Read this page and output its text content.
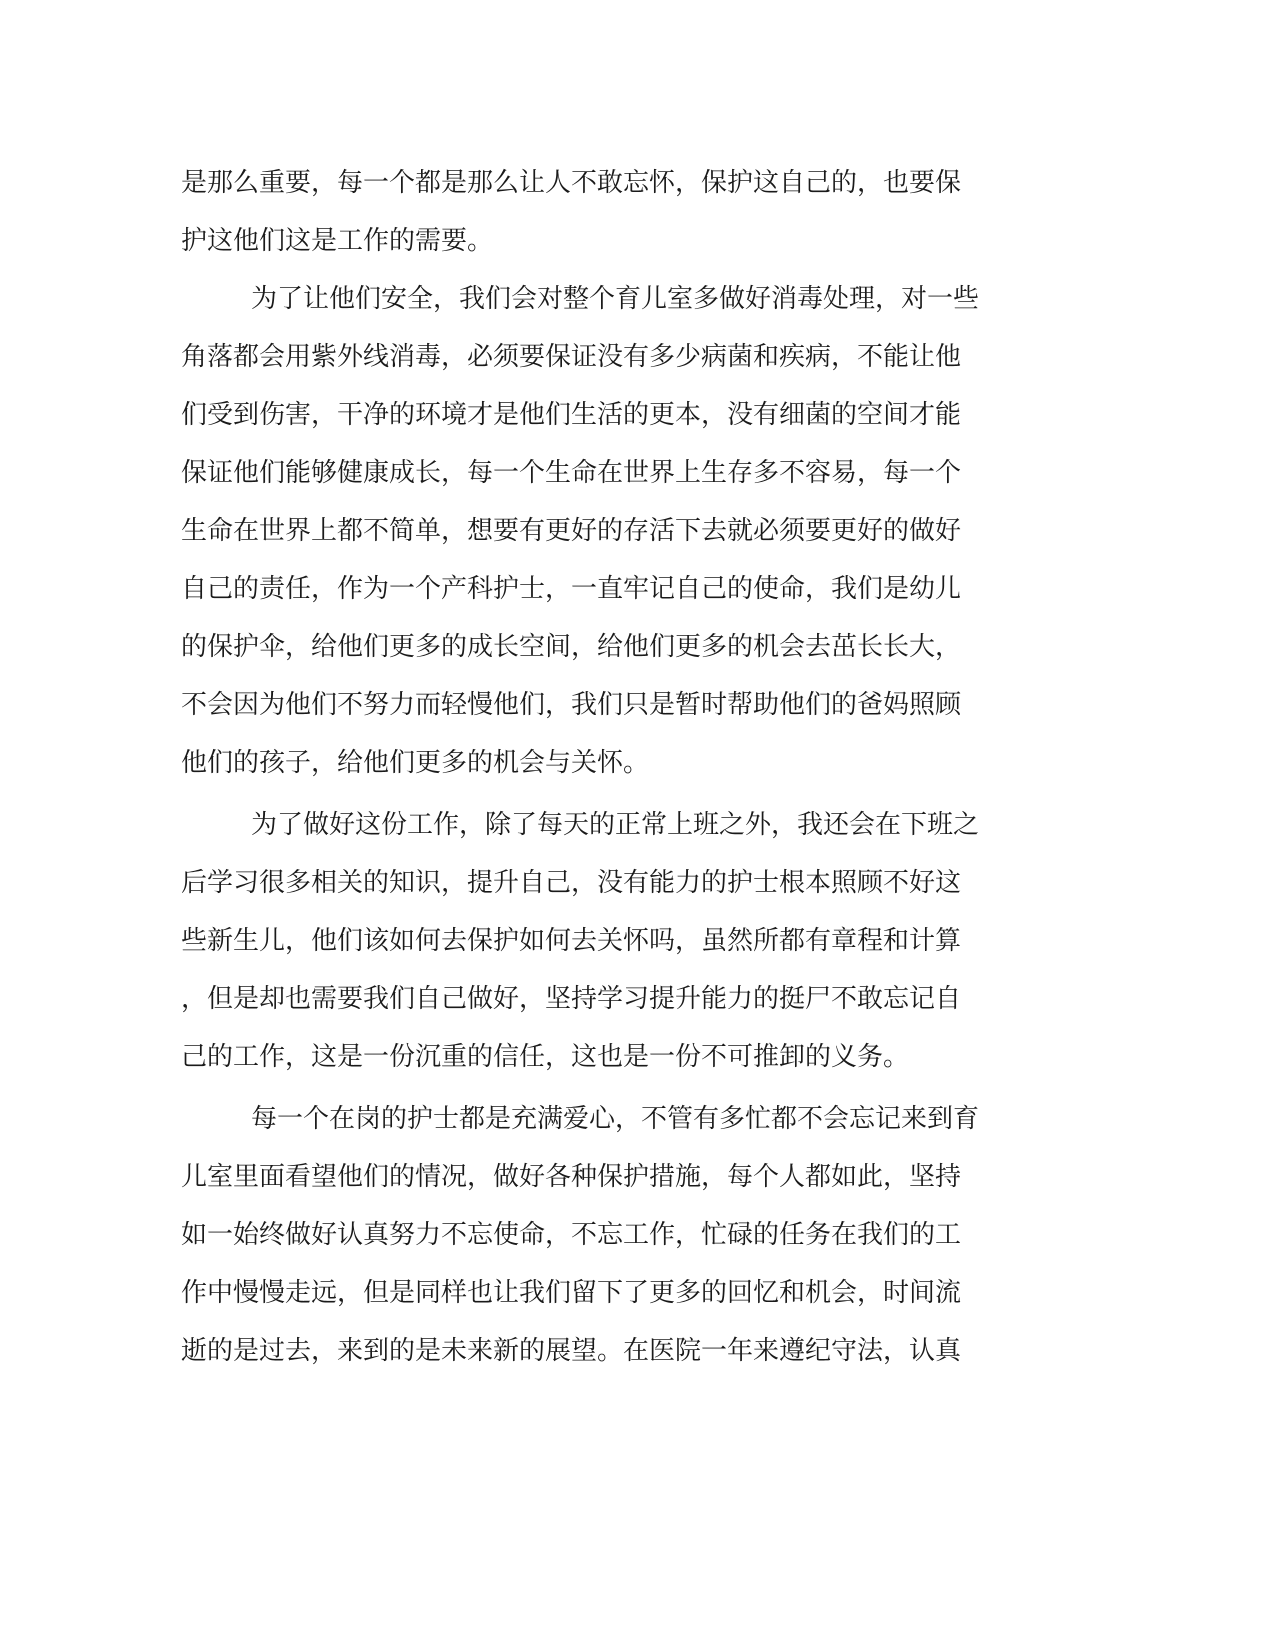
是那么重要，每一个都是那么让人不敢忘怀，保护这自己的，也要保
护这他们这是工作的需要。
为了让他们安全，我们会对整个育儿室多做好消毒处理，对一些
角落都会用紫外线消毒，必须要保证没有多少病菌和疾病，不能让他
们受到伤害，干净的环境才是他们生活的更本，没有细菌的空间才能
保证他们能够健康成长，每一个生命在世界上生存多不容易，每一个
生命在世界上都不简单，想要有更好的存活下去就必须要更好的做好
自己的责任，作为一个产科护士，一直牢记自己的使命，我们是幼儿
的保护伞，给他们更多的成长空间，给他们更多的机会去茁长长大，
不会因为他们不努力而轻慢他们，我们只是暂时帮助他们的爸妈照顾
他们的孩子，给他们更多的机会与关怀。
为了做好这份工作，除了每天的正常上班之外，我还会在下班之
后学习很多相关的知识，提升自己，没有能力的护士根本照顾不好这
些新生儿，他们该如何去保护如何去关怀吗，虽然所都有章程和计算
，但是却也需要我们自己做好，坚持学习提升能力的挺尸不敢忘记自
己的工作，这是一份沉重的信任，这也是一份不可推卸的义务。
每一个在岗的护士都是充满爱心，不管有多忙都不会忘记来到育
儿室里面看望他们的情况，做好各种保护措施，每个人都如此，坚持
如一始终做好认真努力不忘使命，不忘工作，忙碌的任务在我们的工
作中慢慢走远，但是同样也让我们留下了更多的回忆和机会，时间流
逝的是过去，来到的是未来新的展望。在医院一年来遵纪守法，认真
